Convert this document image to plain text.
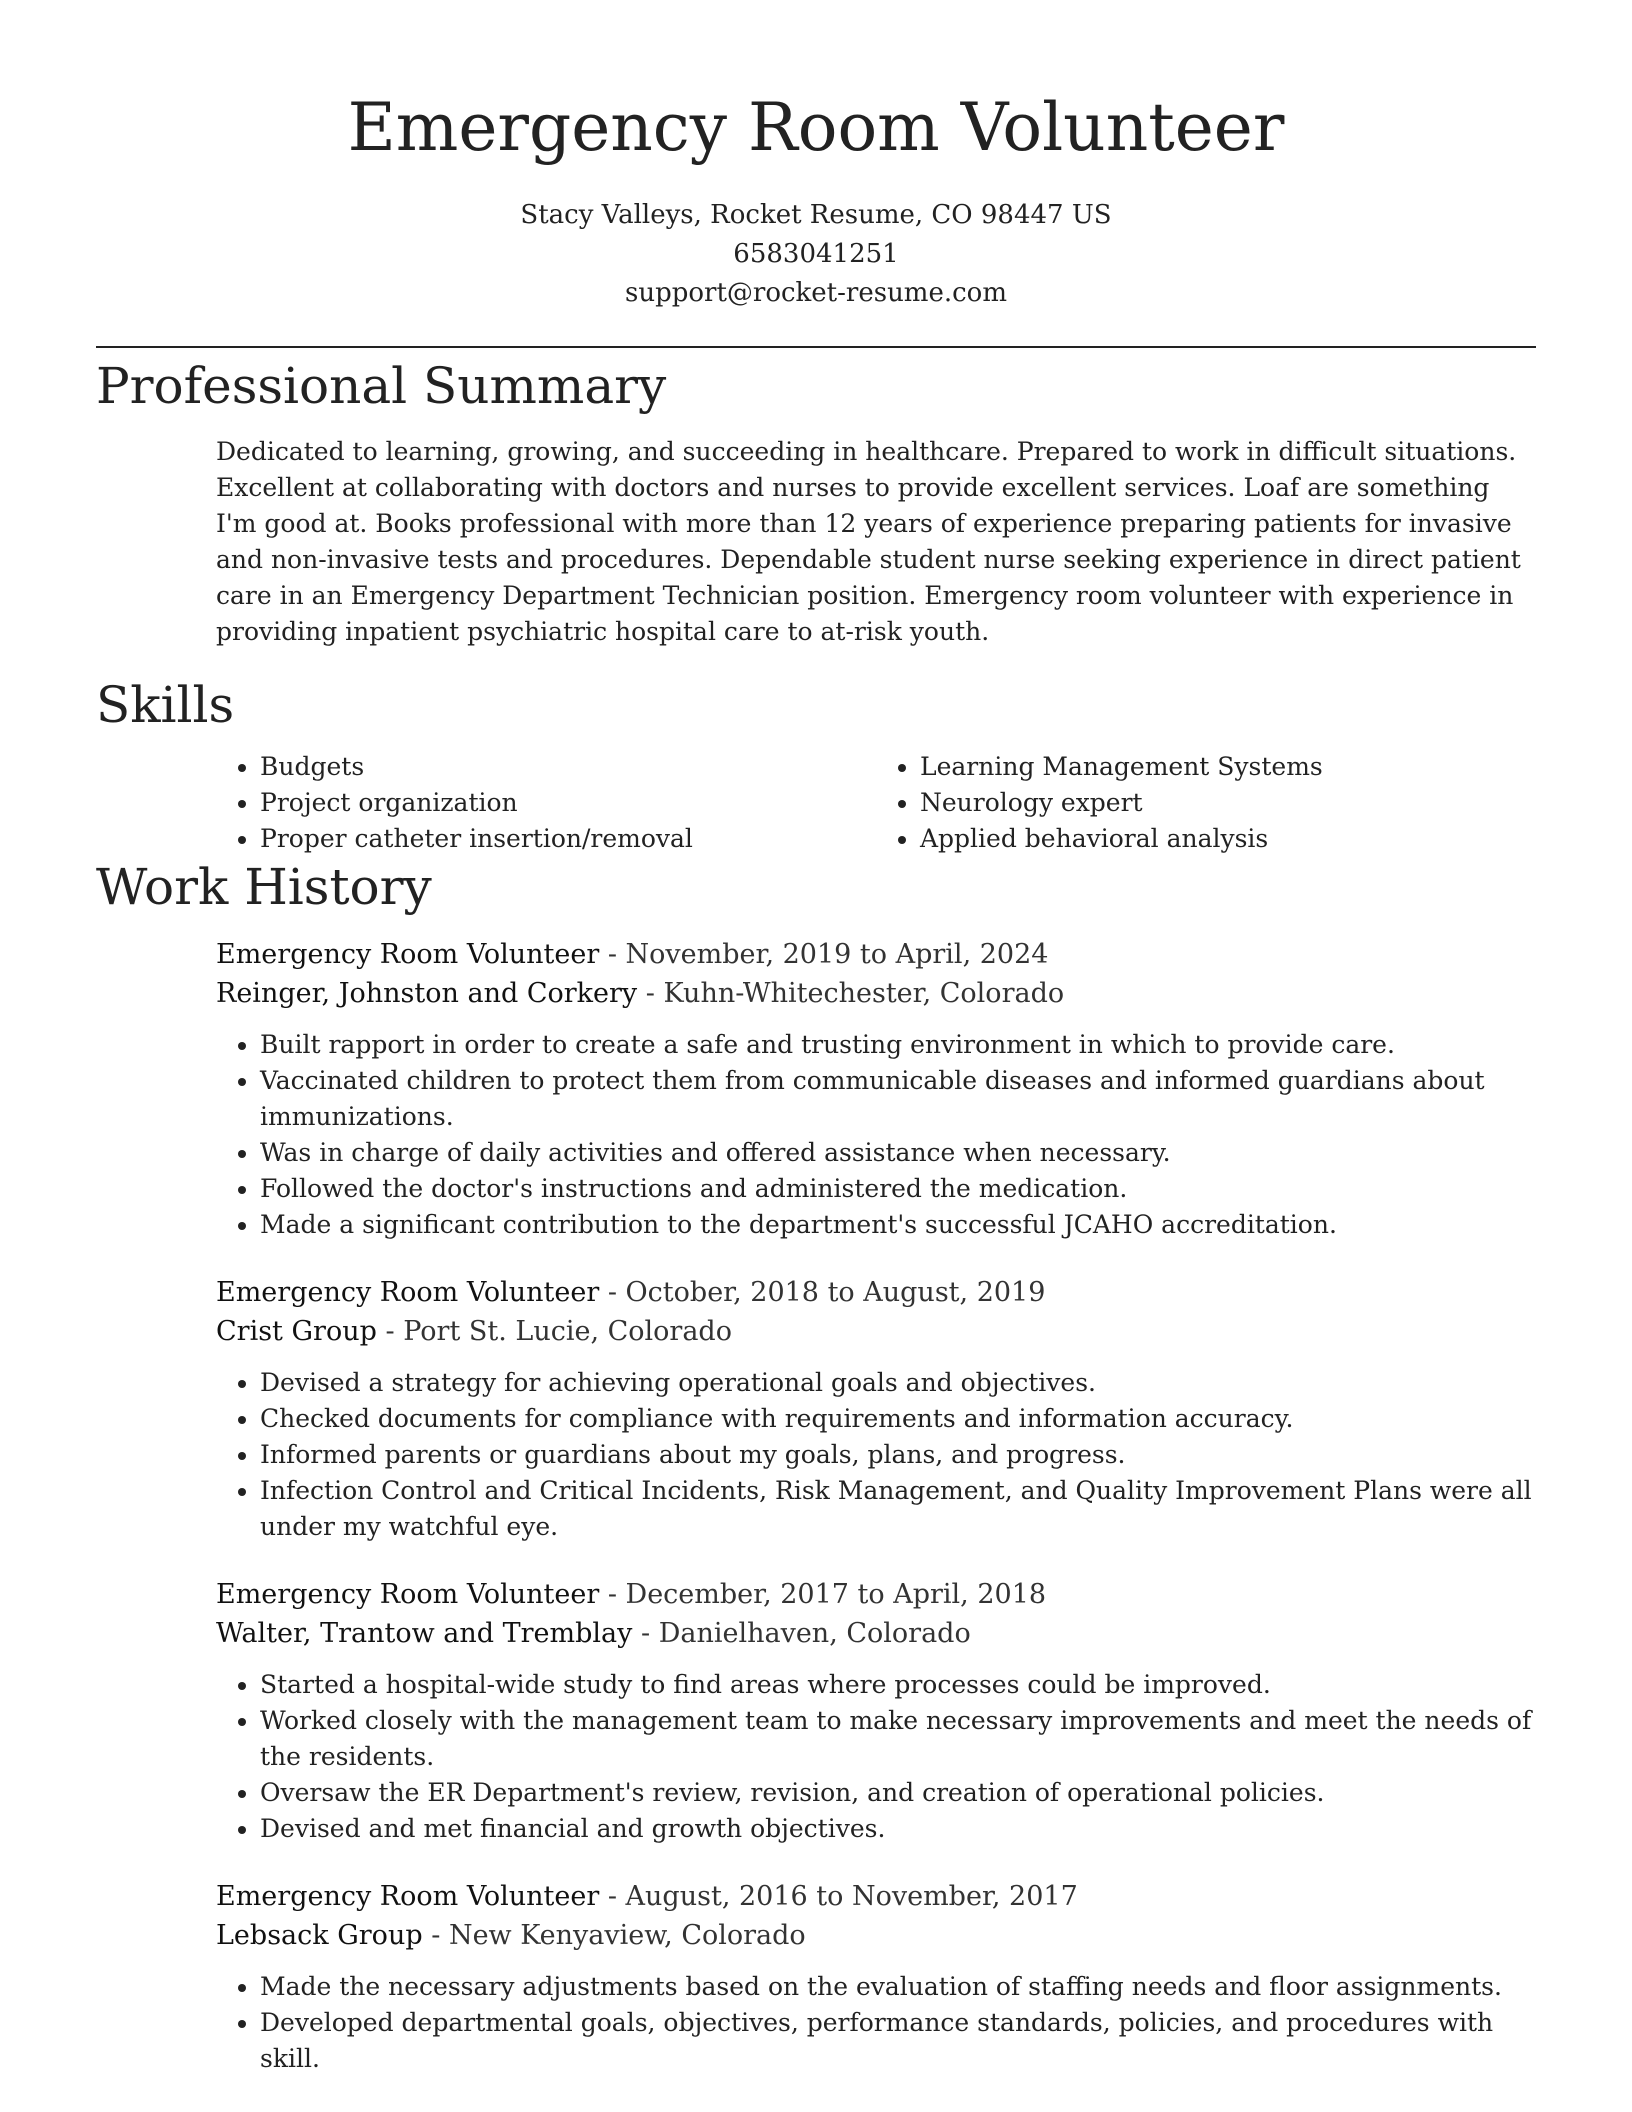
Emergency Room Volunteer
Stacy Valleys, Rocket Resume, CO 98447 US
6583041251
support@rocket-resume.com
Professional Summary

Dedicated to learning, growing, and succeeding in healthcare. Prepared to work in difficult situations. Excellent at collaborating with doctors and nurses to provide excellent services. Loaf are something I'm good at. Books professional with more than 12 years of experience preparing patients for invasive and non-invasive tests and procedures. Dependable student nurse seeking experience in direct patient care in an Emergency Department Technician position. Emergency room volunteer with experience in providing inpatient psychiatric hospital care to at-risk youth.

Skills
• Budgets
• Project organization
• Proper catheter insertion/removal
• Learning Management Systems
• Neurology expert
• Applied behavioral analysis
Work History
Emergency Room Volunteer - November, 2019 to April, 2024
Reinger, Johnston and Corkery - Kuhn-Whitechester, Colorado
• Built rapport in order to create a safe and trusting environment in which to provide care.
• Vaccinated children to protect them from communicable diseases and informed guardians about immunizations.
• Was in charge of daily activities and offered assistance when necessary.
• Followed the doctor's instructions and administered the medication.
• Made a significant contribution to the department's successful JCAHO accreditation.
Emergency Room Volunteer - October, 2018 to August, 2019
Crist Group - Port St. Lucie, Colorado
• Devised a strategy for achieving operational goals and objectives.
• Checked documents for compliance with requirements and information accuracy.
• Informed parents or guardians about my goals, plans, and progress.
• Infection Control and Critical Incidents, Risk Management, and Quality Improvement Plans were all under my watchful eye.
Emergency Room Volunteer - December, 2017 to April, 2018
Walter, Trantow and Tremblay - Danielhaven, Colorado
• Started a hospital-wide study to find areas where processes could be improved.
• Worked closely with the management team to make necessary improvements and meet the needs of the residents.
• Oversaw the ER Department's review, revision, and creation of operational policies.
• Devised and met financial and growth objectives.
Emergency Room Volunteer - August, 2016 to November, 2017
Lebsack Group - New Kenyaview, Colorado
• Made the necessary adjustments based on the evaluation of staffing needs and floor assignments.
• Developed departmental goals, objectives, performance standards, policies, and procedures with skill.
